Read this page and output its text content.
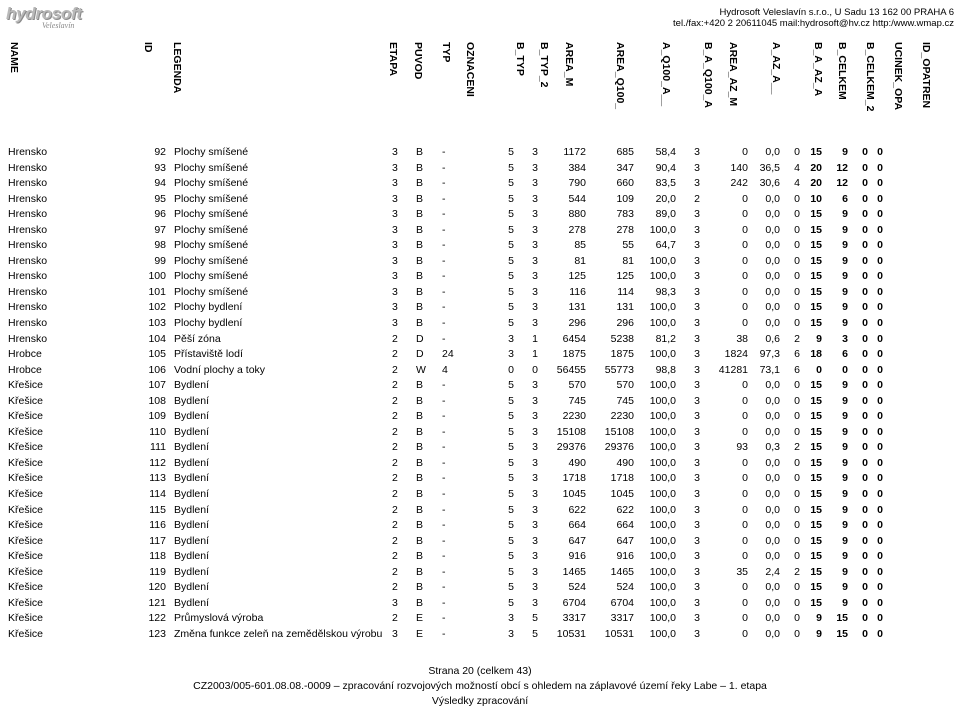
hydrosoft
Veleslavín
Hydrosoft Veleslavín s.r.o., U Sadu 13 162 00 PRAHA 6
tel./fax:+420 2 20611045 mail:hydrosoft@hv.cz http:/www.wmap.cz
NAME	ID LEGENDA	ETAPA PUVOD TYP OZNACENI	B_TYP B_TYP_2 AREA_M	AREA_Q100_	A_Q100_A__	B_A_Q100_A AREA_AZ_M	A_AZ_A__	B_A_AZ_A B_CELKEM B_CELKEM_2 UCINEK_OPA ID_OPATREN
Hrensko	92	Plochy smíšené	3	B	-	5	3	1172	685	58,4	3	0	0,0	0	15	9	0	0
Hrensko	93	Plochy smíšené	3	B	-	5	3	384	347	90,4	3	140	36,5	4	20	12	0	0
Hrensko	94	Plochy smíšené	3	B	-	5	3	790	660	83,5	3	242	30,6	4	20	12	0	0
Hrensko	95	Plochy smíšené	3	B	-	5	3	544	109	20,0	2	0	0,0	0	10	6	0	0
Hrensko	96	Plochy smíšené	3	B	-	5	3	880	783	89,0	3	0	0,0	0	15	9	0	0
Hrensko	97	Plochy smíšené	3	B	-	5	3	278	278	100,0	3	0	0,0	0	15	9	0	0
Hrensko	98	Plochy smíšené	3	B	-	5	3	85	55	64,7	3	0	0,0	0	15	9	0	0
Hrensko	99	Plochy smíšené	3	B	-	5	3	81	81	100,0	3	0	0,0	0	15	9	0	0
Hrensko	100	Plochy smíšené	3	B	-	5	3	125	125	100,0	3	0	0,0	0	15	9	0	0
Hrensko	101	Plochy smíšené	3	B	-	5	3	116	114	98,3	3	0	0,0	0	15	9	0	0
Hrensko	102	Plochy bydlení	3	B	-	5	3	131	131	100,0	3	0	0,0	0	15	9	0	0
Hrensko	103	Plochy bydlení	3	B	-	5	3	296	296	100,0	3	0	0,0	0	15	9	0	0
Hrensko	104	Pěší zóna	2	D	-	3	1	6454	5238	81,2	3	38	0,6	2	9	3	0	0
Hrobce	105	Přístaviště lodí	2	D	24	3	1	1875	1875	100,0	3	1824	97,3	6	18	6	0	0
Hrobce	106	Vodní plochy a toky	2	W	4	0	0	56455	55773	98,8	3	41281	73,1	6	0	0	0	0
Křešice	107	Bydlení	2	B	-	5	3	570	570	100,0	3	0	0,0	0	15	9	0	0
Křešice	108	Bydlení	2	B	-	5	3	745	745	100,0	3	0	0,0	0	15	9	0	0
Křešice	109	Bydlení	2	B	-	5	3	2230	2230	100,0	3	0	0,0	0	15	9	0	0
Křešice	110	Bydlení	2	B	-	5	3	15108	15108	100,0	3	0	0,0	0	15	9	0	0
Křešice	111	Bydlení	2	B	-	5	3	29376	29376	100,0	3	93	0,3	2	15	9	0	0
Křešice	112	Bydlení	2	B	-	5	3	490	490	100,0	3	0	0,0	0	15	9	0	0
Křešice	113	Bydlení	2	B	-	5	3	1718	1718	100,0	3	0	0,0	0	15	9	0	0
Křešice	114	Bydlení	2	B	-	5	3	1045	1045	100,0	3	0	0,0	0	15	9	0	0
Křešice	115	Bydlení	2	B	-	5	3	622	622	100,0	3	0	0,0	0	15	9	0	0
Křešice	116	Bydlení	2	B	-	5	3	664	664	100,0	3	0	0,0	0	15	9	0	0
Křešice	117	Bydlení	2	B	-	5	3	647	647	100,0	3	0	0,0	0	15	9	0	0
Křešice	118	Bydlení	2	B	-	5	3	916	916	100,0	3	0	0,0	0	15	9	0	0
Křešice	119	Bydlení	2	B	-	5	3	1465	1465	100,0	3	35	2,4	2	15	9	0	0
Křešice	120	Bydlení	2	B	-	5	3	524	524	100,0	3	0	0,0	0	15	9	0	0
Křešice	121	Bydlení	3	B	-	5	3	6704	6704	100,0	3	0	0,0	0	15	9	0	0
Křešice	122	Průmyslová výroba	2	E	-	3	5	3317	3317	100,0	3	0	0,0	0	9	15	0	0
Křešice	123	Změna funkce zeleň na zemědělskou výrobu	3	E	-	3	5	10531	10531	100,0	3	0	0,0	0	9	15	0	0
Strana 20 (celkem 43)
CZ2003/005-601.08.08.-0009 – zpracování rozvojových možností obcí s ohledem na záplavové území řeky Labe – 1. etapa
Výsledky zpracování
